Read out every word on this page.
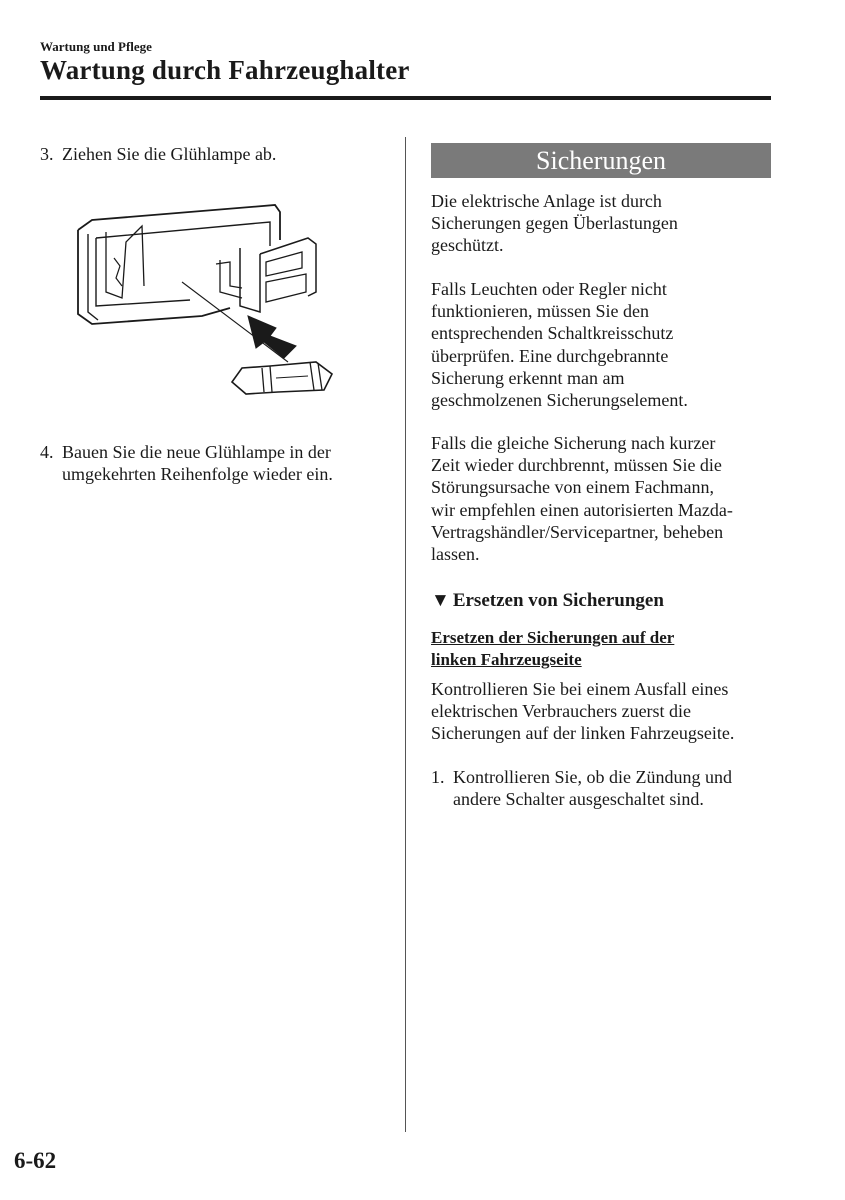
Wartung und Pflege
Wartung durch Fahrzeughalter
3. Ziehen Sie die Glühlampe ab.
4. Bauen Sie die neue Glühlampe in der
umgekehrten Reihenfolge wieder ein.
Sicherungen
Die elektrische Anlage ist durch
Sicherungen gegen Überlastungen
geschützt.
Falls Leuchten oder Regler nicht
funktionieren, müssen Sie den
entsprechenden Schaltkreisschutz
überprüfen. Eine durchgebrannte
Sicherung erkennt man am
geschmolzenen Sicherungselement.
Falls die gleiche Sicherung nach kurzer
Zeit wieder durchbrennt, müssen Sie die
Störungsursache von einem Fachmann,
wir empfehlen einen autorisierten Mazda-
Vertragshändler/Servicepartner, beheben
lassen.
▼ Ersetzen von Sicherungen
Ersetzen der Sicherungen auf der
linken Fahrzeugseite
Kontrollieren Sie bei einem Ausfall eines
elektrischen Verbrauchers zuerst die
Sicherungen auf der linken Fahrzeugseite.
1. Kontrollieren Sie, ob die Zündung und
andere Schalter ausgeschaltet sind.
6-62
